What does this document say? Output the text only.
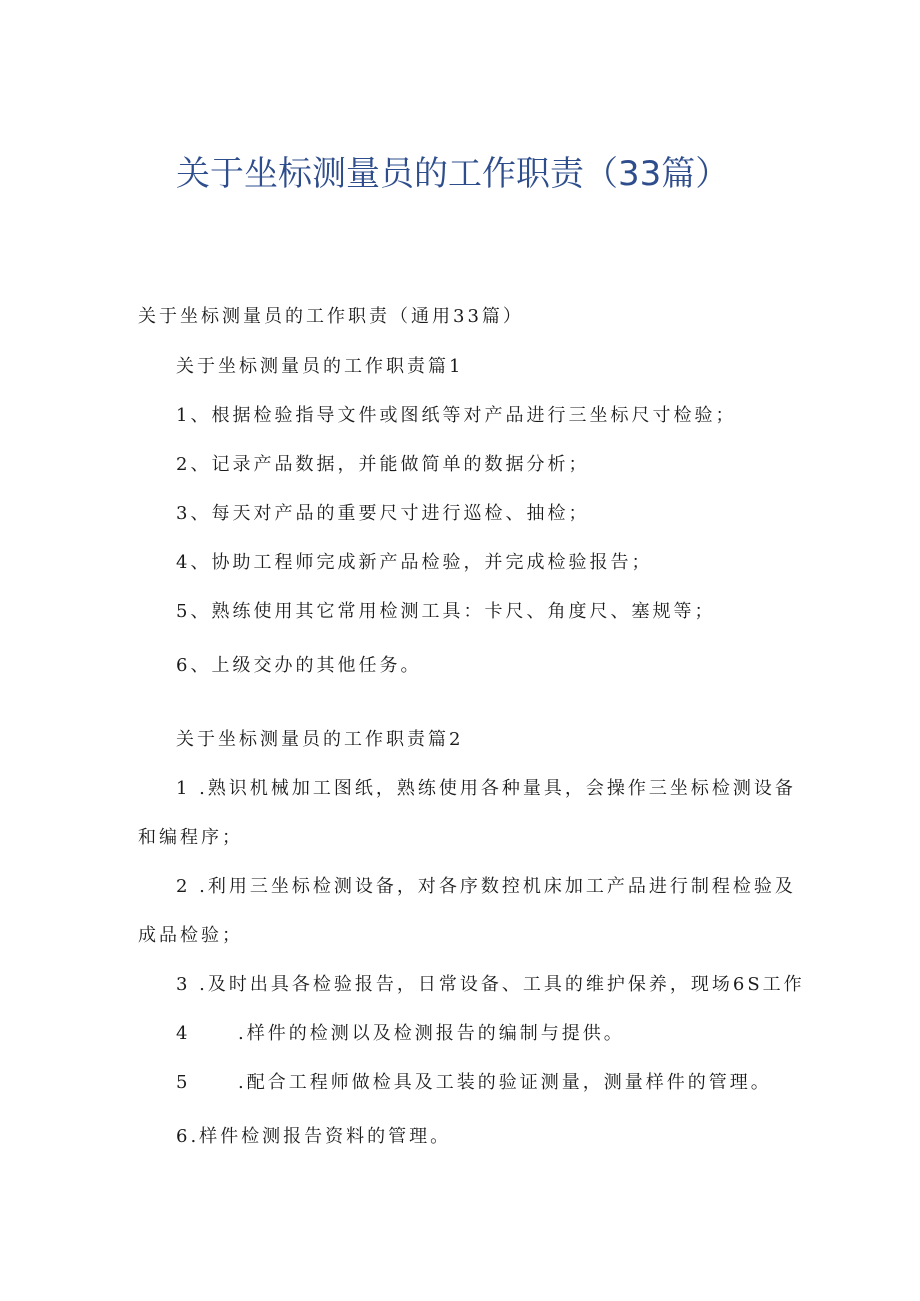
关于坐标测量员的工作职责（33篇）
关于坐标测量员的工作职责（通用33篇）
关于坐标测量员的工作职责篇1
1、根据检验指导文件或图纸等对产品进行三坐标尺寸检验；
2、记录产品数据，并能做简单的数据分析；
3、每天对产品的重要尺寸进行巡检、抽检；
4、协助工程师完成新产品检验，并完成检验报告；
5、熟练使用其它常用检测工具：卡尺、角度尺、塞规等；
6、上级交办的其他任务。
关于坐标测量员的工作职责篇2
1 .熟识机械加工图纸，熟练使用各种量具，会操作三坐标检测设备
和编程序；
2 .利用三坐标检测设备，对各序数控机床加工产品进行制程检验及
成品检验；
3 .及时出具各检验报告，日常设备、工具的维护保养，现场6S工作
4	.样件的检测以及检测报告的编制与提供。
5	.配合工程师做检具及工装的验证测量，测量样件的管理。
6.样件检测报告资料的管理。
